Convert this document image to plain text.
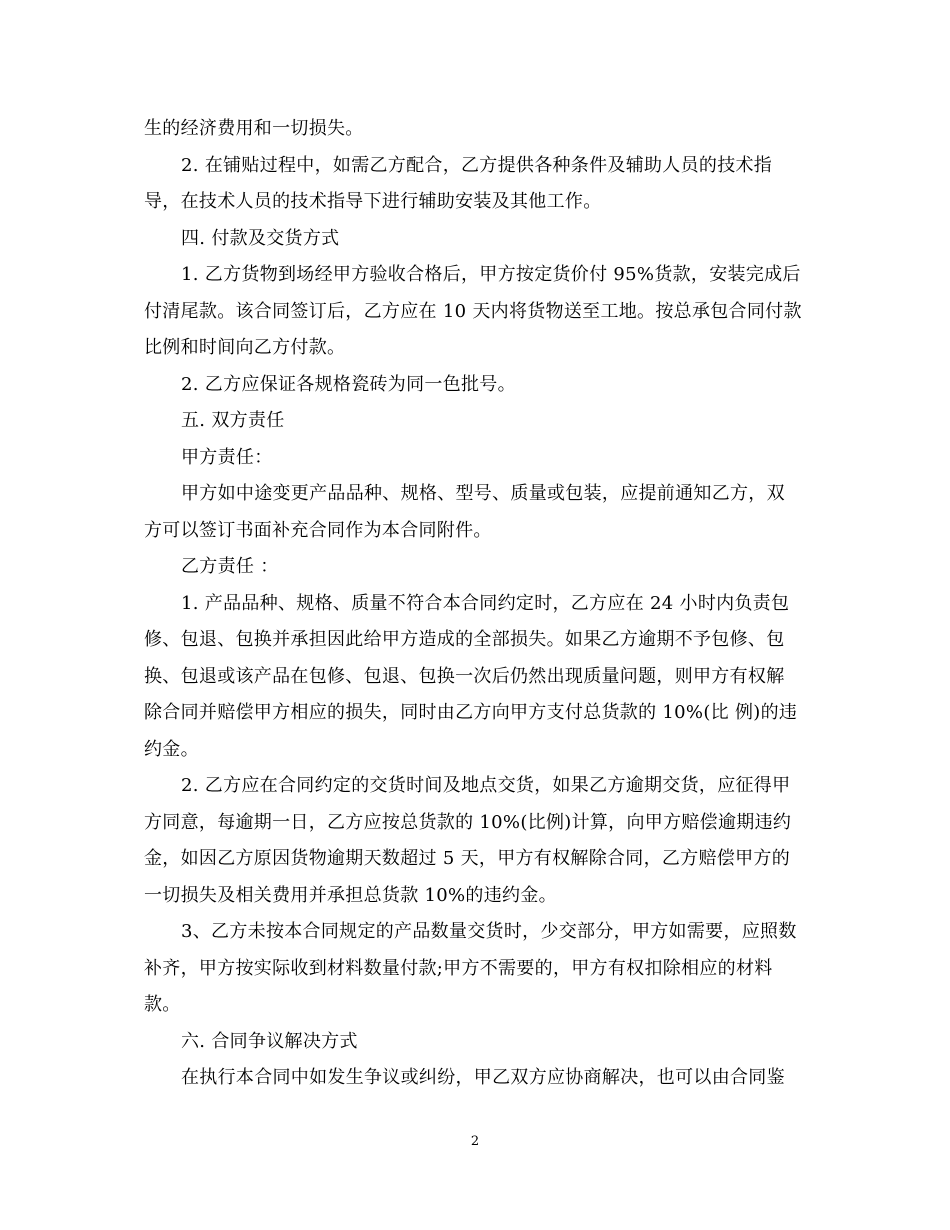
生的经济费用和一切损失。
2. 在铺贴过程中，如需乙方配合，乙方提供各种条件及辅助人员的技术指
导，在技术人员的技术指导下进行辅助安装及其他工作。
四. 付款及交货方式
1. 乙方货物到场经甲方验收合格后，甲方按定货价付 95%货款，安装完成后
付清尾款。该合同签订后，乙方应在 10 天内将货物送至工地。按总承包合同付款
比例和时间向乙方付款。
2. 乙方应保证各规格瓷砖为同一色批号。
五. 双方责任
甲方责任：
甲方如中途变更产品品种、规格、型号、质量或包装，应提前通知乙方，双
方可以签订书面补充合同作为本合同附件。
乙方责任 ：
1. 产品品种、规格、质量不符合本合同约定时，乙方应在 24 小时内负责包
修、包退、包换并承担因此给甲方造成的全部损失。如果乙方逾期不予包修、包
换、包退或该产品在包修、包退、包换一次后仍然出现质量问题，则甲方有权解
除合同并赔偿甲方相应的损失，同时由乙方向甲方支付总货款的 10%(比 例)的违
约金。
2. 乙方应在合同约定的交货时间及地点交货，如果乙方逾期交货，应征得甲
方同意，每逾期一日，乙方应按总货款的 10%(比例)计算，向甲方赔偿逾期违约
金，如因乙方原因货物逾期天数超过 5 天，甲方有权解除合同，乙方赔偿甲方的
一切损失及相关费用并承担总货款 10%的违约金。
3、乙方未按本合同规定的产品数量交货时，少交部分，甲方如需要，应照数
补齐，甲方按实际收到材料数量付款;甲方不需要的，甲方有权扣除相应的材料
款。
六. 合同争议解决方式
在执行本合同中如发生争议或纠纷，甲乙双方应协商解决，也可以由合同鉴
2
